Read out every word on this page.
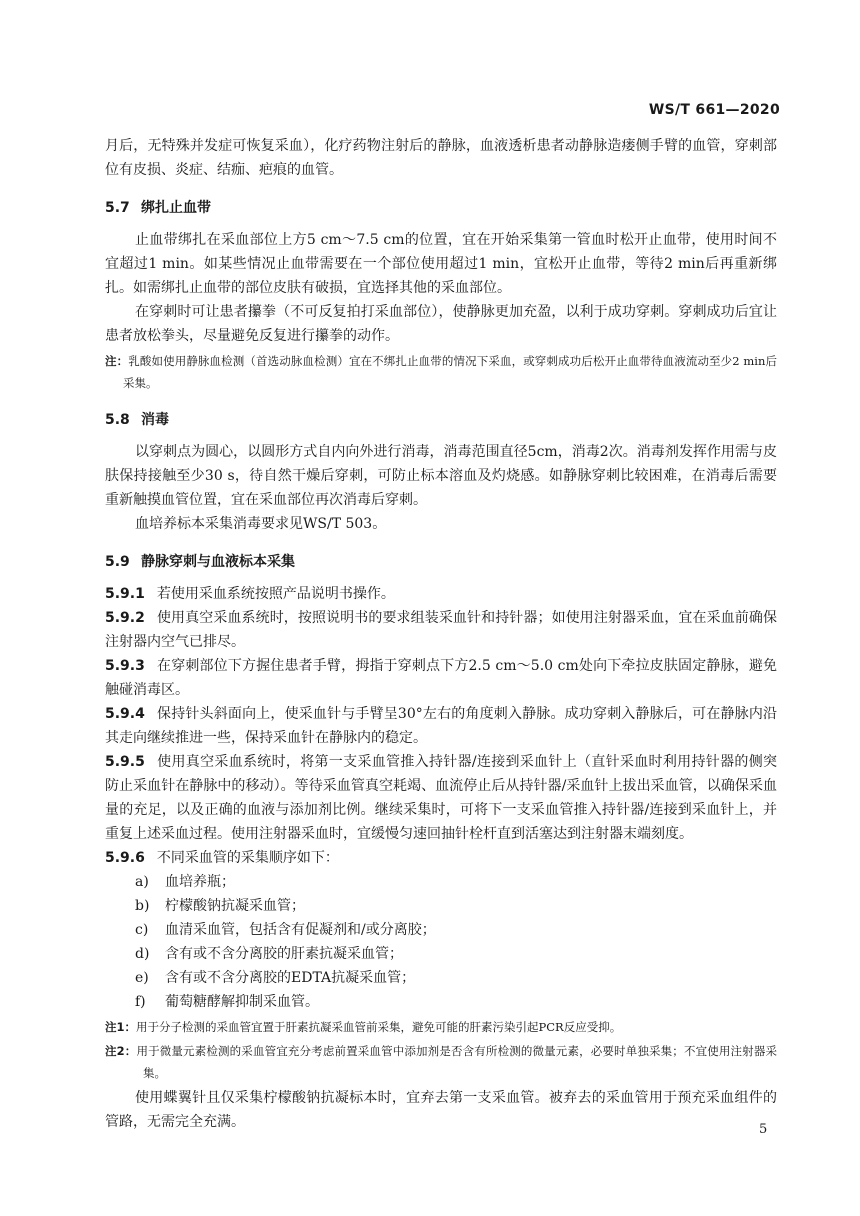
WS/T 661—2020

月后，无特殊并发症可恢复采血），化疗药物注射后的静脉，血液透析患者动静脉造瘘侧手臂的血管，穿刺部位有皮损、炎症、结痂、疤痕的血管。

5.7 绑扎止血带

止血带绑扎在采血部位上方5 cm～7.5 cm的位置，宜在开始采集第一管血时松开止血带，使用时间不宜超过1 min。如某些情况止血带需要在一个部位使用超过1 min，宜松开止血带，等待2 min后再重新绑扎。如需绑扎止血带的部位皮肤有破损，宜选择其他的采血部位。

在穿刺时可让患者攥拳（不可反复拍打采血部位），使静脉更加充盈，以利于成功穿刺。穿刺成功后宜让患者放松拳头，尽量避免反复进行攥拳的动作。

注：乳酸如使用静脉血检测（首选动脉血检测）宜在不绑扎止血带的情况下采血，或穿刺成功后松开止血带待血液流动至少2 min后采集。

5.8 消毒

以穿刺点为圆心，以圆形方式自内向外进行消毒，消毒范围直径5cm，消毒2次。消毒剂发挥作用需与皮肤保持接触至少30 s，待自然干燥后穿刺，可防止标本溶血及灼烧感。如静脉穿刺比较困难，在消毒后需要重新触摸血管位置，宜在采血部位再次消毒后穿刺。

血培养标本采集消毒要求见WS/T 503。

5.9 静脉穿刺与血液标本采集

5.9.1 若使用采血系统按照产品说明书操作。

5.9.2 使用真空采血系统时，按照说明书的要求组装采血针和持针器；如使用注射器采血，宜在采血前确保注射器内空气已排尽。

5.9.3 在穿刺部位下方握住患者手臂，拇指于穿刺点下方2.5 cm～5.0 cm处向下牵拉皮肤固定静脉，避免触碰消毒区。

5.9.4 保持针头斜面向上，使采血针与手臂呈30°左右的角度刺入静脉。成功穿刺入静脉后，可在静脉内沿其走向继续推进一些，保持采血针在静脉内的稳定。

5.9.5 使用真空采血系统时，将第一支采血管推入持针器/连接到采血针上（直针采血时利用持针器的侧突防止采血针在静脉中的移动）。等待采血管真空耗竭、血流停止后从持针器/采血针上拔出采血管，以确保采血量的充足，以及正确的血液与添加剂比例。继续采集时，可将下一支采血管推入持针器/连接到采血针上，并重复上述采血过程。使用注射器采血时，宜缓慢匀速回抽针栓杆直到活塞达到注射器末端刻度。

5.9.6 不同采血管的采集顺序如下：

a) 血培养瓶；
b) 柠檬酸钠抗凝采血管；
c) 血清采血管，包括含有促凝剂和/或分离胶；
d) 含有或不含分离胶的肝素抗凝采血管；
e) 含有或不含分离胶的EDTA抗凝采血管；
f) 葡萄糖酵解抑制采血管。

注1：用于分子检测的采血管宜置于肝素抗凝采血管前采集，避免可能的肝素污染引起PCR反应受抑。

注2：用于微量元素检测的采血管宜充分考虑前置采血管中添加剂是否含有所检测的微量元素，必要时单独采集；不宜使用注射器采集。

使用蝶翼针且仅采集柠檬酸钠抗凝标本时，宜弃去第一支采血管。被弃去的采血管用于预充采血组件的管路，无需完全充满。	5
